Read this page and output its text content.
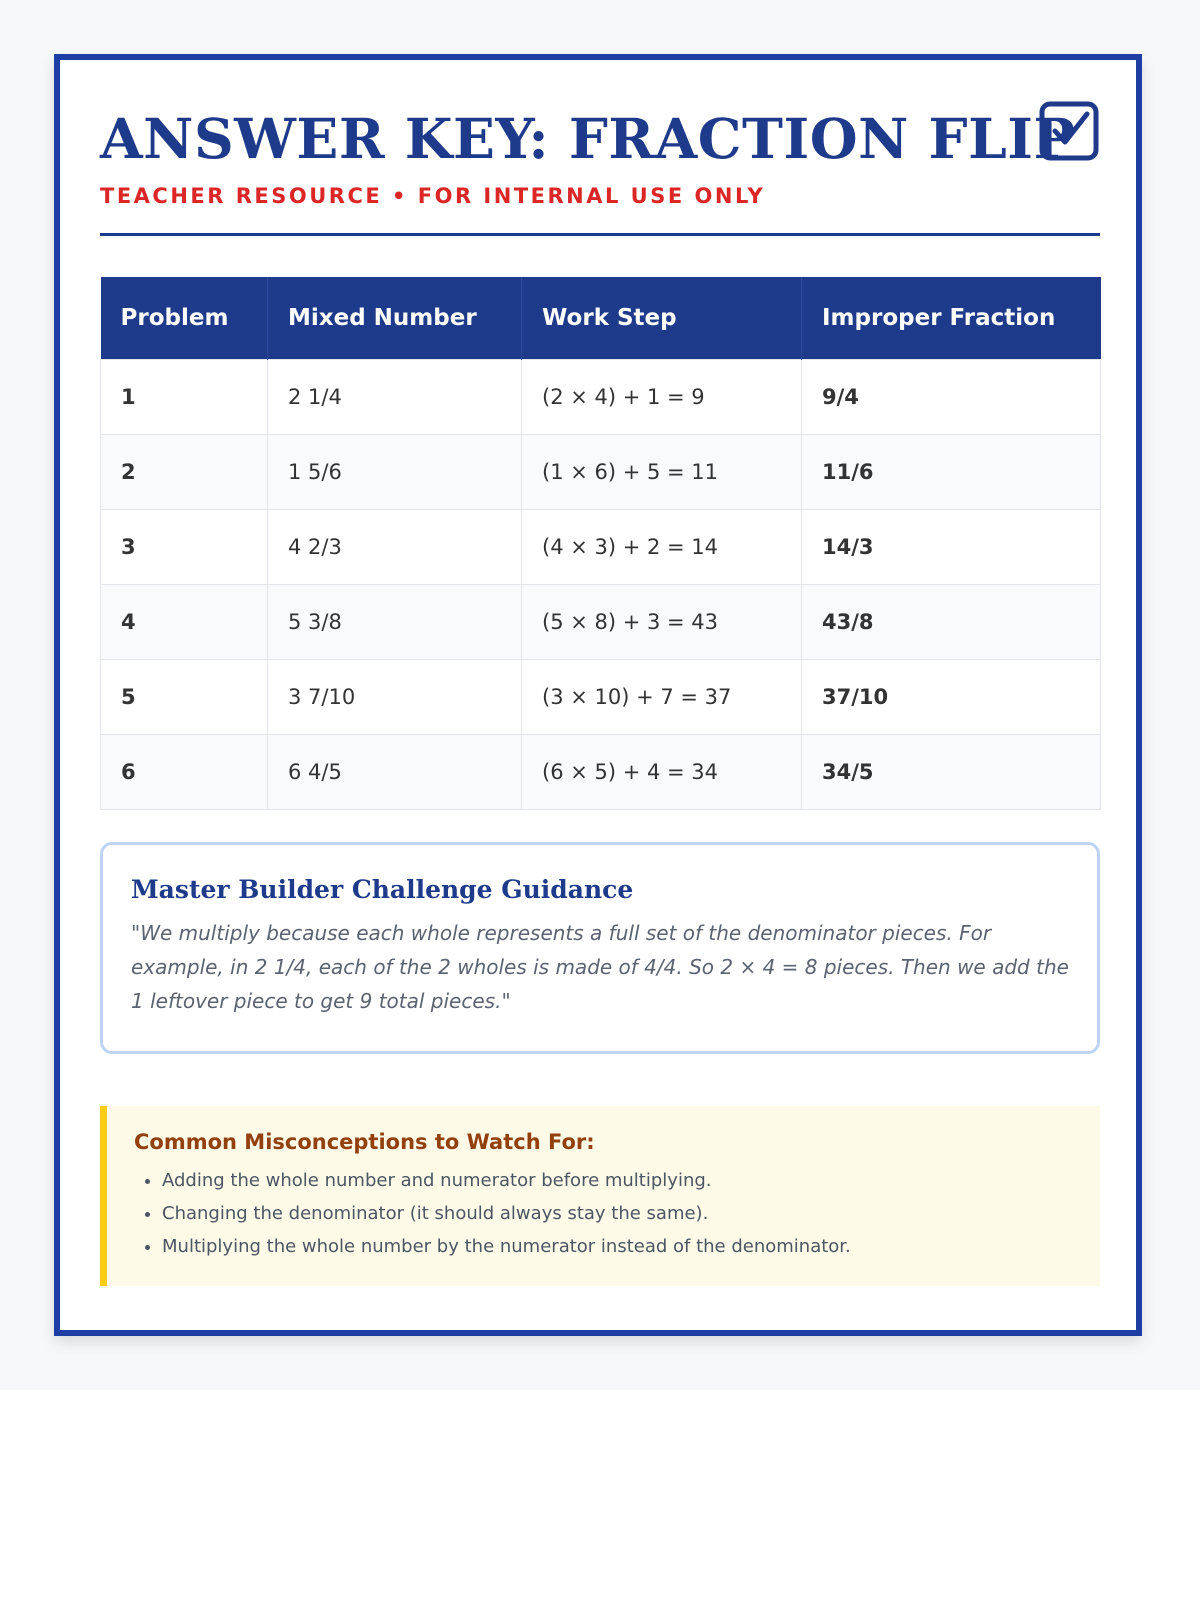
ANSWER KEY: FRACTION FLIP
TEACHER RESOURCE • FOR INTERNAL USE ONLY
Problem	Mixed Number	Work Step	Improper Fraction
1	2 1/4	(2 × 4) + 1 = 9	9/4
2	1 5/6	(1 × 6) + 5 = 11	11/6
3	4 2/3	(4 × 3) + 2 = 14	14/3
4	5 3/8	(5 × 8) + 3 = 43	43/8
5	3 7/10	(3 × 10) + 7 = 37	37/10
6	6 4/5	(6 × 5) + 4 = 34	34/5
Master Builder Challenge Guidance

"We multiply because each whole represents a full set of the denominator pieces. For example, in 2 1/4, each of the 2 wholes is made of 4/4. So 2 × 4 = 8 pieces. Then we add the 1 leftover piece to get 9 total pieces."

Common Misconceptions to Watch For:
• Adding the whole number and numerator before multiplying.
• Changing the denominator (it should always stay the same).
• Multiplying the whole number by the numerator instead of the denominator.
